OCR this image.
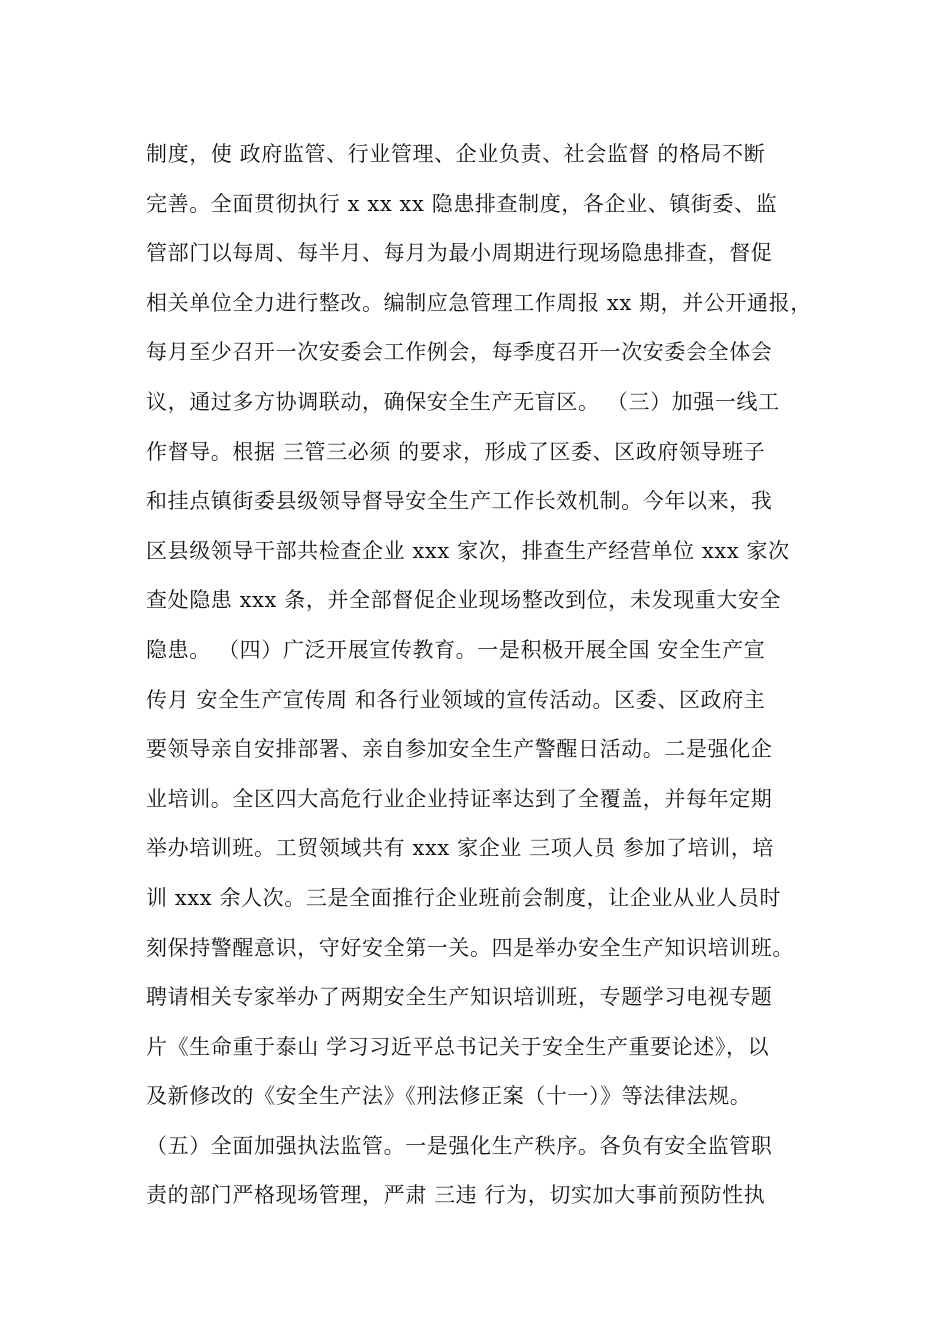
制度，使 政府监管、行业管理、企业负责、社会监督 的格局不断
完善。全面贯彻执行 x xx xx 隐患排查制度，各企业、镇街委、监
管部门以每周、每半月、每月为最小周期进行现场隐患排查，督促
相关单位全力进行整改。编制应急管理工作周报 xx 期，并公开通报，
每月至少召开一次安委会工作例会，每季度召开一次安委会全体会
议，通过多方协调联动，确保安全生产无盲区。 （三）加强一线工
作督导。根据 三管三必须 的要求，形成了区委、区政府领导班子
和挂点镇街委县级领导督导安全生产工作长效机制。今年以来，我
区县级领导干部共检查企业 xxx 家次，排查生产经营单位 xxx 家次
查处隐患 xxx 条，并全部督促企业现场整改到位，未发现重大安全
隐患。 （四）广泛开展宣传教育。一是积极开展全国 安全生产宣
传月 安全生产宣传周 和各行业领域的宣传活动。区委、区政府主
要领导亲自安排部署、亲自参加安全生产警醒日活动。二是强化企
业培训。全区四大高危行业企业持证率达到了全覆盖，并每年定期
举办培训班。工贸领域共有 xxx 家企业 三项人员 参加了培训，培
训 xxx 余人次。三是全面推行企业班前会制度，让企业从业人员时
刻保持警醒意识，守好安全第一关。四是举办安全生产知识培训班。
聘请相关专家举办了两期安全生产知识培训班，专题学习电视专题
片《生命重于泰山 学习习近平总书记关于安全生产重要论述》，以
及新修改的《安全生产法》《刑法修正案（十一）》等法律法规。
（五）全面加强执法监管。一是强化生产秩序。各负有安全监管职
责的部门严格现场管理，严肃 三违 行为，切实加大事前预防性执
